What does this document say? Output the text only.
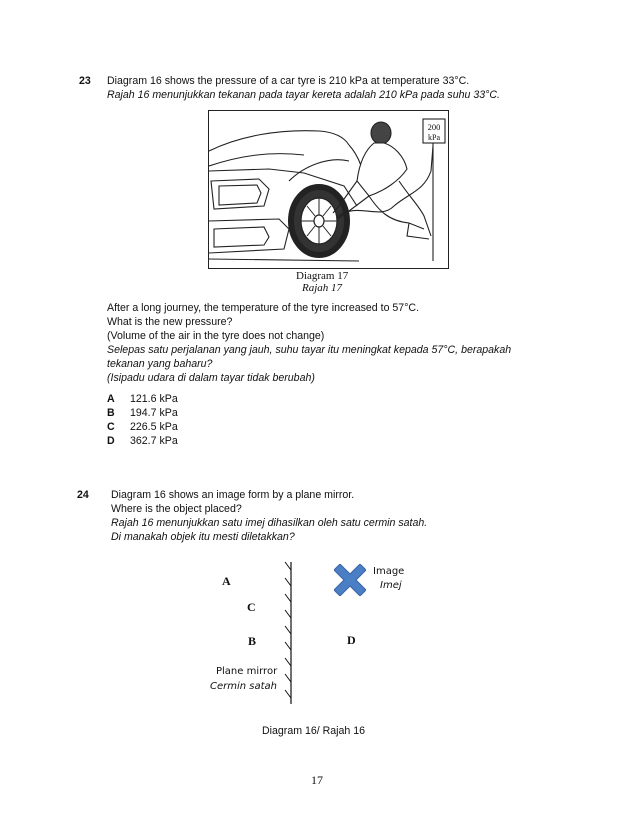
23 Diagram 16 shows the pressure of a car tyre is 210 kPa at temperature 33°C.
Rajah 16 menunjukkan tekanan pada tayar kereta adalah 210 kPa pada suhu 33°C.
200
kPa
Diagram 17
Rajah 17
After a long journey, the temperature of the tyre increased to 57°C.
What is the new pressure?
(Volume of the air in the tyre does not change)
Selepas satu perjalanan yang jauh, suhu tayar itu meningkat kepada 57°C, berapakah
tekanan yang baharu?
(Isipadu udara di dalam tayar tidak berubah)
A 121.6 kPa
B 194.7 kPa
C 226.5 kPa
D 362.7 kPa
24 Diagram 16 shows an image form by a plane mirror.
Where is the object placed?
Rajah 16 menunjukkan satu imej dihasilkan oleh satu cermin satah.
Di manakah objek itu mesti diletakkan?
Image
Imej
A
C
B	D
Plane mirror
Cermin satah
Diagram 16/ Rajah 16
17
